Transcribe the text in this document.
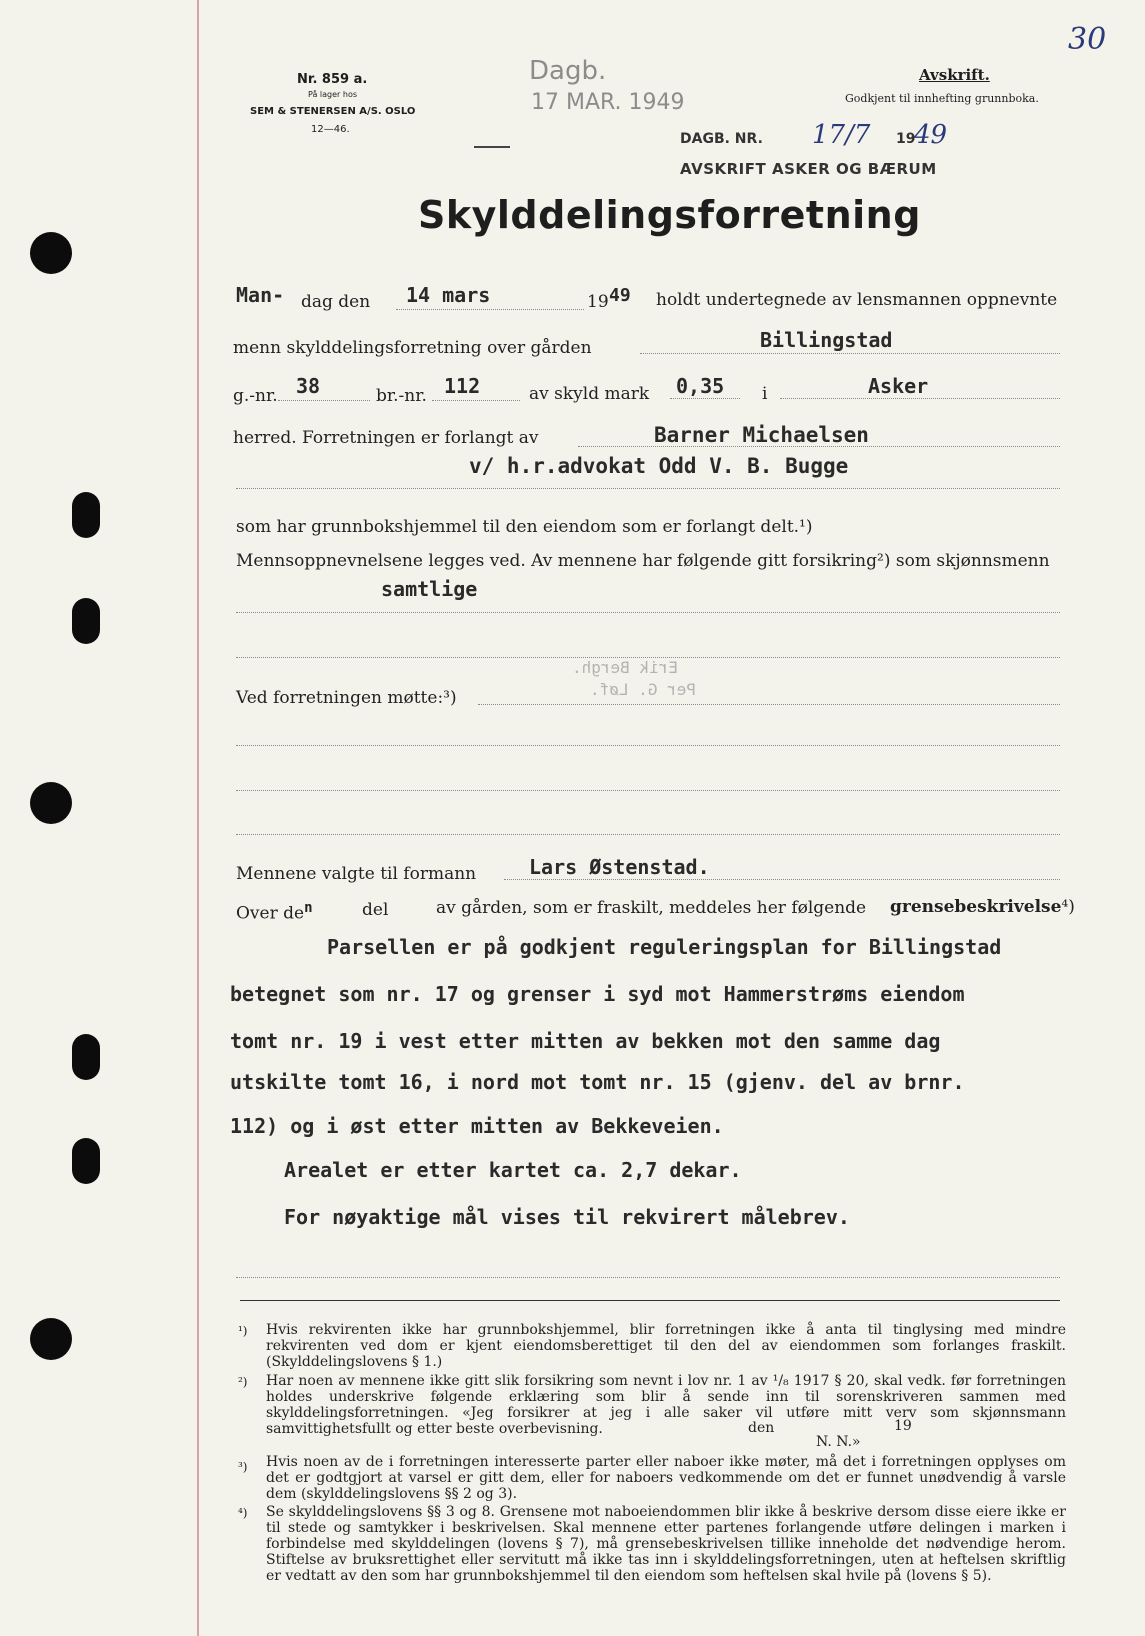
30
Nr. 859 a.
På lager hos
SEM & STENERSEN A/S. OSLO
12—46.
Dagb.
17 MAR. 1949
DAGB. NR. 17/7 19
49
AVSKRIFT ASKER OG BÆRUM
Avskrift.
Godkjent til innhefting grunnboka.
Skylddelingsforretning
Man- dag den 14 mars	19 49 holdt undertegnede av lensmannen oppnevnte
menn skylddelingsforretning over gården	Billingstad
g.-nr. 38	br.-nr. 112	av skyld mark 0,35 i	Asker
herred. Forretningen er forlangt av	Barner Michaelsen
v/ h.r.advokat Odd V. B. Bugge
som har grunnbokshjemmel til den eiendom som er forlangt delt.¹)
Mennsoppnevnelsene legges ved. Av mennene har følgende gitt forsikring²) som skjønnsmenn
samtlige
Erik Bergh.
Per G. Løf.
Ved forretningen møtte:³)
Mennene valgte til formann	Lars Østenstad.
Over $de^n$	del	av gården, som er fraskilt, meddeles her følgende grensebeskrivelse⁴)
Parsellen er på godkjent reguleringsplan for Billingstad
betegnet som nr. 17 og grenser i syd mot Hammerstrøms eiendom
tomt nr. 19 i vest etter mitten av bekken mot den samme dag
utskilte tomt 16, i nord mot tomt nr. 15 (gjenv. del av brnr.
112) og i øst etter mitten av Bekkeveien.
Arealet er etter kartet ca. 2,7 dekar.
For nøyaktige mål vises til rekvirert målebrev.
¹) Hvis rekvirenten ikke har grunnbokshjemmel, blir forretningen ikke å anta til tinglysing med mindre rekvirenten ved dom er kjent eiendomsberettiget til den del av eiendommen som forlanges fraskilt. (Skylddelingslovens § 1.)
²) Har noen av mennene ikke gitt slik forsikring som nevnt i lov nr. 1 av ¹/₈ 1917 § 20, skal vedk. før forretningen holdes underskrive følgende erklæring som blir å sende inn til sorenskriveren sammen med skylddelingsforretningen. «Jeg forsikrer at jeg i alle saker vil utføre mitt verv som skjønnsmann samvittighetsfullt og etter beste overbevisning.	den	19
N. N.»
³) Hvis noen av de i forretningen interesserte parter eller naboer ikke møter, må det i forretningen opplyses om det er godtgjort at varsel er gitt dem, eller for naboers vedkommende om det er funnet unødvendig å varsle dem (skylddelingslovens §§ 2 og 3).
⁴) Se skylddelingslovens §§ 3 og 8. Grensene mot naboeiendommen blir ikke å beskrive dersom disse eiere ikke er til stede og samtykker i beskrivelsen. Skal mennene etter partenes forlangende utføre delingen i marken i forbindelse med skylddelingen (lovens § 7), må grensebeskrivelsen tillike inneholde det nødvendige herom. Stiftelse av bruksrettighet eller servitutt må ikke tas inn i skylddelingsforretningen, uten at heftelsen skriftlig er vedtatt av den som har grunnbokshjemmel til den eiendom som heftelsen skal hvile på (lovens § 5).
